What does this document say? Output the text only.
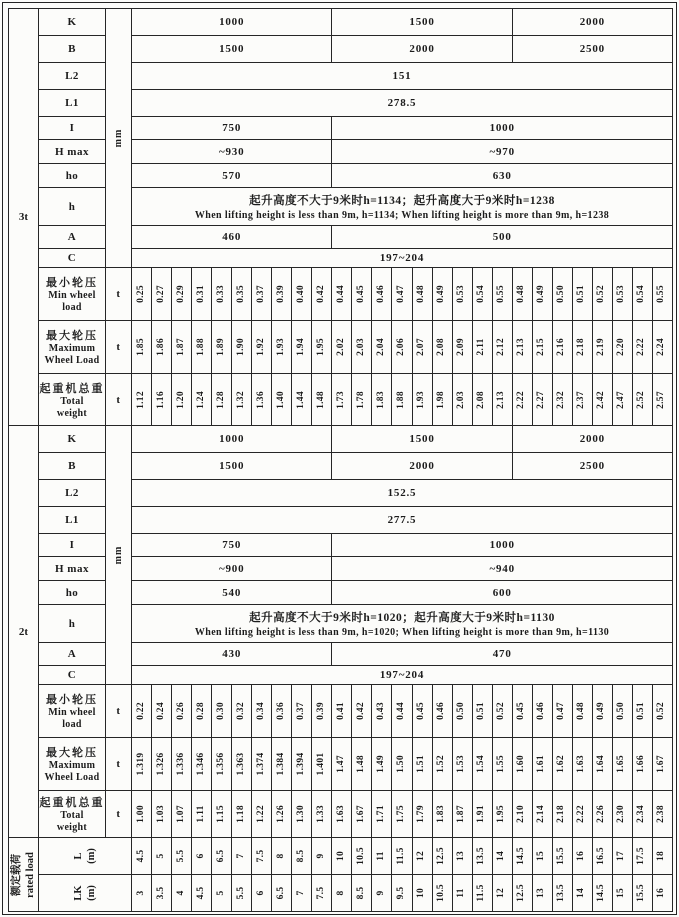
3t
mm
K	1000	1500	2000
B	1500	2000	2500
L2	151
L1	278.5
I	750	1000
H max	~930	~970
ho	570	630
h	起升高度不大于9米时h=1134；起升高度大于9米时h=1238
When lifting height is less than 9m, h=1134; When lifting height is more than 9m, h=1238
A	460	500
C	197~204
最小轮压
Min wheel
load
t 0.25 0.27 0.29 0.31 0.33 0.35 0.37 0.39 0.40 0.42 0.44 0.45 0.46 0.47 0.48 0.49 0.53 0.54 0.55 0.48 0.49 0.50 0.51 0.52 0.53 0.54 0.55
最大轮压
Maximum
Wheel Load
t 1.85 1.86 1.87 1.88 1.89 1.90 1.92 1.93 1.94 1.95 2.02 2.03 2.04 2.06 2.07 2.08 2.09 2.11 2.12 2.13 2.15 2.16 2.18 2.19 2.20 2.22 2.24
起重机总重
Total
weight
t 1.12 1.16 1.20 1.24 1.28 1.32 1.36 1.40 1.44 1.48 1.73 1.78 1.83 1.88 1.93 1.98 2.03 2.08 2.13 2.22 2.27 2.32 2.37 2.42 2.47 2.52 2.57
2t
mm
K	1000	1500	2000
B	1500	2000	2500
L2	152.5
L1	277.5
I	750	1000
H max	~900	~940
ho	540	600
h	起升高度不大于9米时h=1020；起升高度大于9米时h=1130
When lifting height is less than 9m, h=1020; When lifting height is more than 9m, h=1130
A	430	470
C	197~204
最小轮压
Min wheel
load
t 0.22 0.24 0.26 0.28 0.30 0.32 0.34 0.36 0.37 0.39 0.41 0.42 0.43 0.44 0.45 0.46 0.50 0.51 0.52 0.45 0.46 0.47 0.48 0.49 0.50 0.51 0.52
最大轮压
Maximum
Wheel Load
t 1.319 1.326 1.336 1.346 1.356 1.363 1.374 1.384 1.394 1.401 1.47 1.48 1.49 1.50 1.51 1.52 1.53 1.54 1.55 1.60 1.61 1.62 1.63 1.64 1.65 1.66 1.67
起重机总重
Total
weight
t 1.00 1.03 1.07 1.11 1.15 1.18 1.22 1.26 1.30 1.33 1.63 1.67 1.71 1.75 1.79 1.83 1.87 1.91 1.95 2.10 2.14 2.18 2.22 2.26 2.30 2.34 2.38
额定载荷 rated load	L (m)	4.5 5 5.5 6 6.5 7 7.5 8 8.5 9 10 10.5 11 11.5 12 12.5 13 13.5 14 14.5 15 15.5 16 16.5 17 17.5 18
LK (m)	3 3.5 4 4.5 5 5.5 6 6.5 7 7.5 8 8.5 9 9.5 10 10.5 11 11.5 12 12.5 13 13.5 14 14.5 15 15.5 16
